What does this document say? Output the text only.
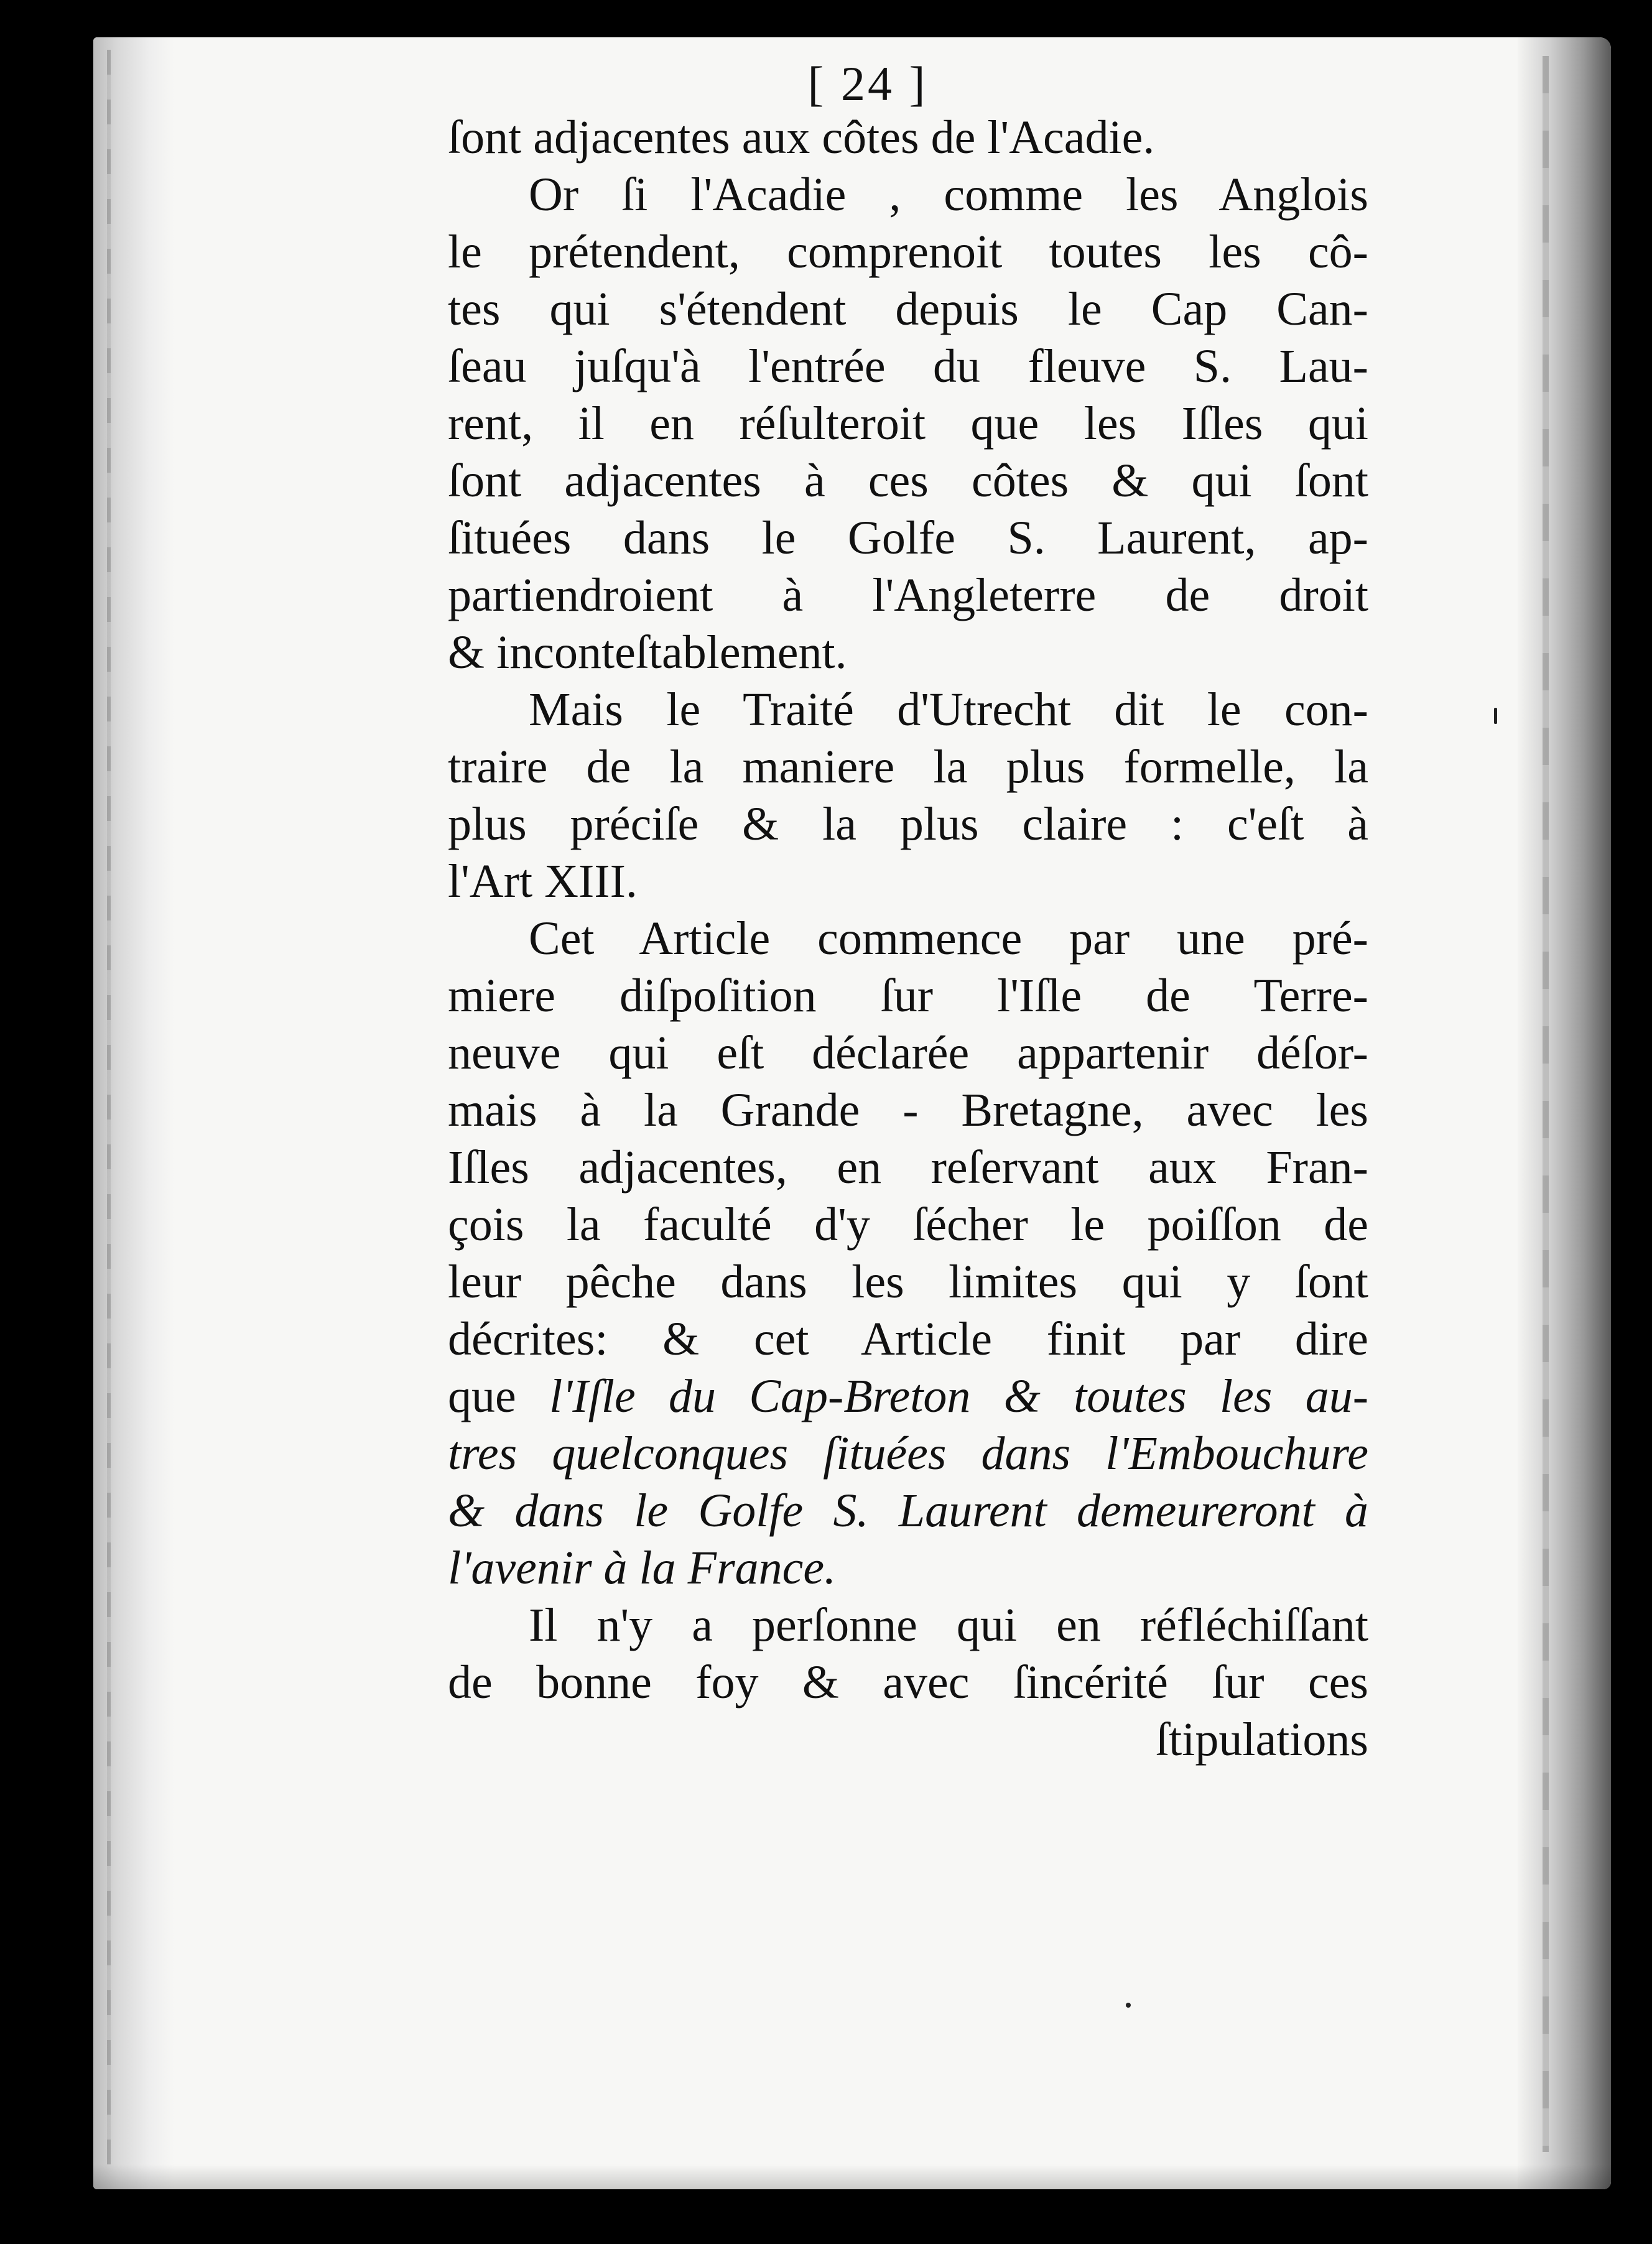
[ 24 ]
ſont adjacentes aux côtes de l'Acadie.
Or ſi l'Acadie , comme les Anglois
le prétendent, comprenoit toutes les cô-
tes qui s'étendent depuis le Cap Can-
ſeau juſqu'à l'entrée du fleuve S. Lau-
rent, il en réſulteroit que les Iſles qui
ſont adjacentes à ces côtes & qui ſont
ſituées dans le Golfe S. Laurent, ap-
partiendroient à l'Angleterre de droit
& inconteſtablement.
Mais le Traité d'Utrecht dit le con-
traire de la maniere la plus formelle, la
plus préciſe & la plus claire : c'eſt à
l'Art XIII.
Cet Article commence par une pré-
miere diſpoſition ſur l'Iſle de Terre-
neuve qui eſt déclarée appartenir déſor-
mais à la Grande - Bretagne, avec les
Iſles adjacentes, en reſervant aux Fran-
çois la faculté d'y ſécher le poiſſon de
leur pêche dans les limites qui y ſont
décrites: & cet Article finit par dire
que l'Iſle du Cap-Breton & toutes les au-
tres quelconques ſituées dans l'Embouchure
& dans le Golfe S. Laurent demeureront à
l'avenir à la France.
Il n'y a perſonne qui en réfléchiſſant
de bonne foy & avec ſincérité ſur ces
ſtipulations
